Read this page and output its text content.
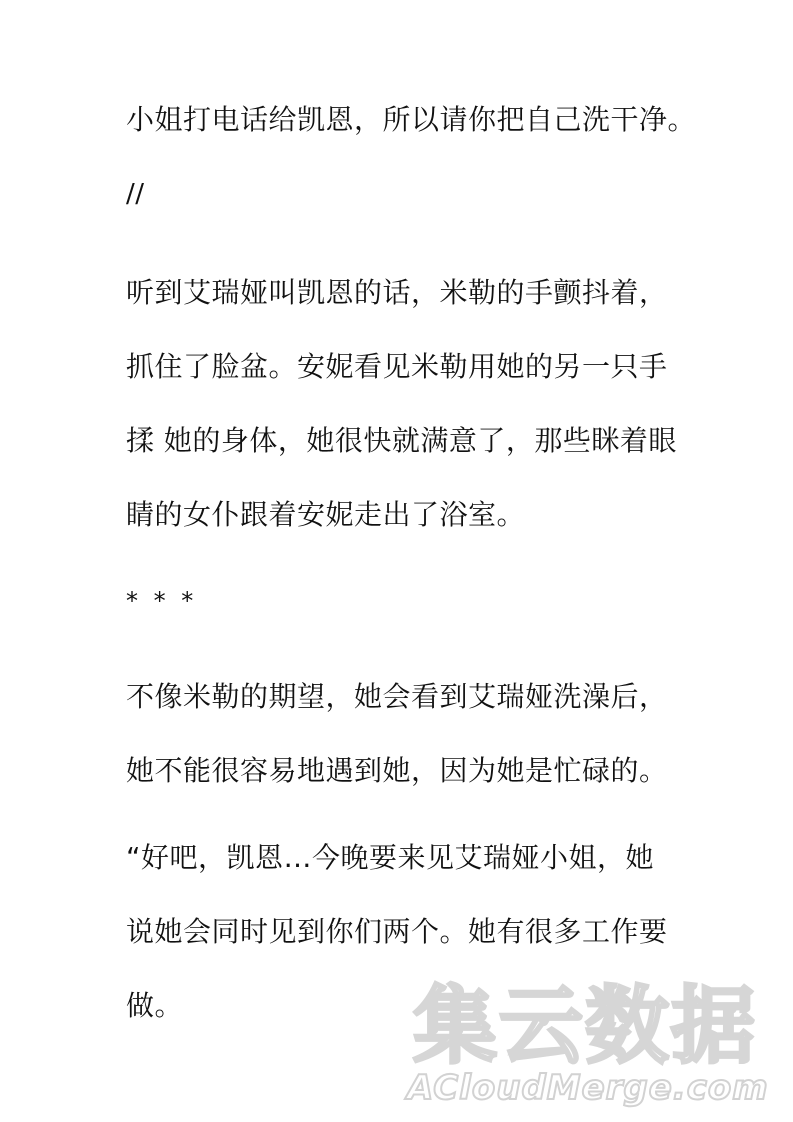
小姐打电话给凯恩，所以请你把自己洗干净。
//
听到艾瑞娅叫凯恩的话，米勒的手颤抖着，
抓住了脸盆。安妮看见米勒用她的另一只手
揉 她的身体，她很快就满意了，那些眯着眼
睛的女仆跟着安妮走出了浴室。
* * *
不像米勒的期望，她会看到艾瑞娅洗澡后，
她不能很容易地遇到她，因为她是忙碌的。
“好吧，凯恩…今晚要来见艾瑞娅小姐，她
说她会同时见到你们两个。她有很多工作要
做。	集云数据
ACloudMerge.com
